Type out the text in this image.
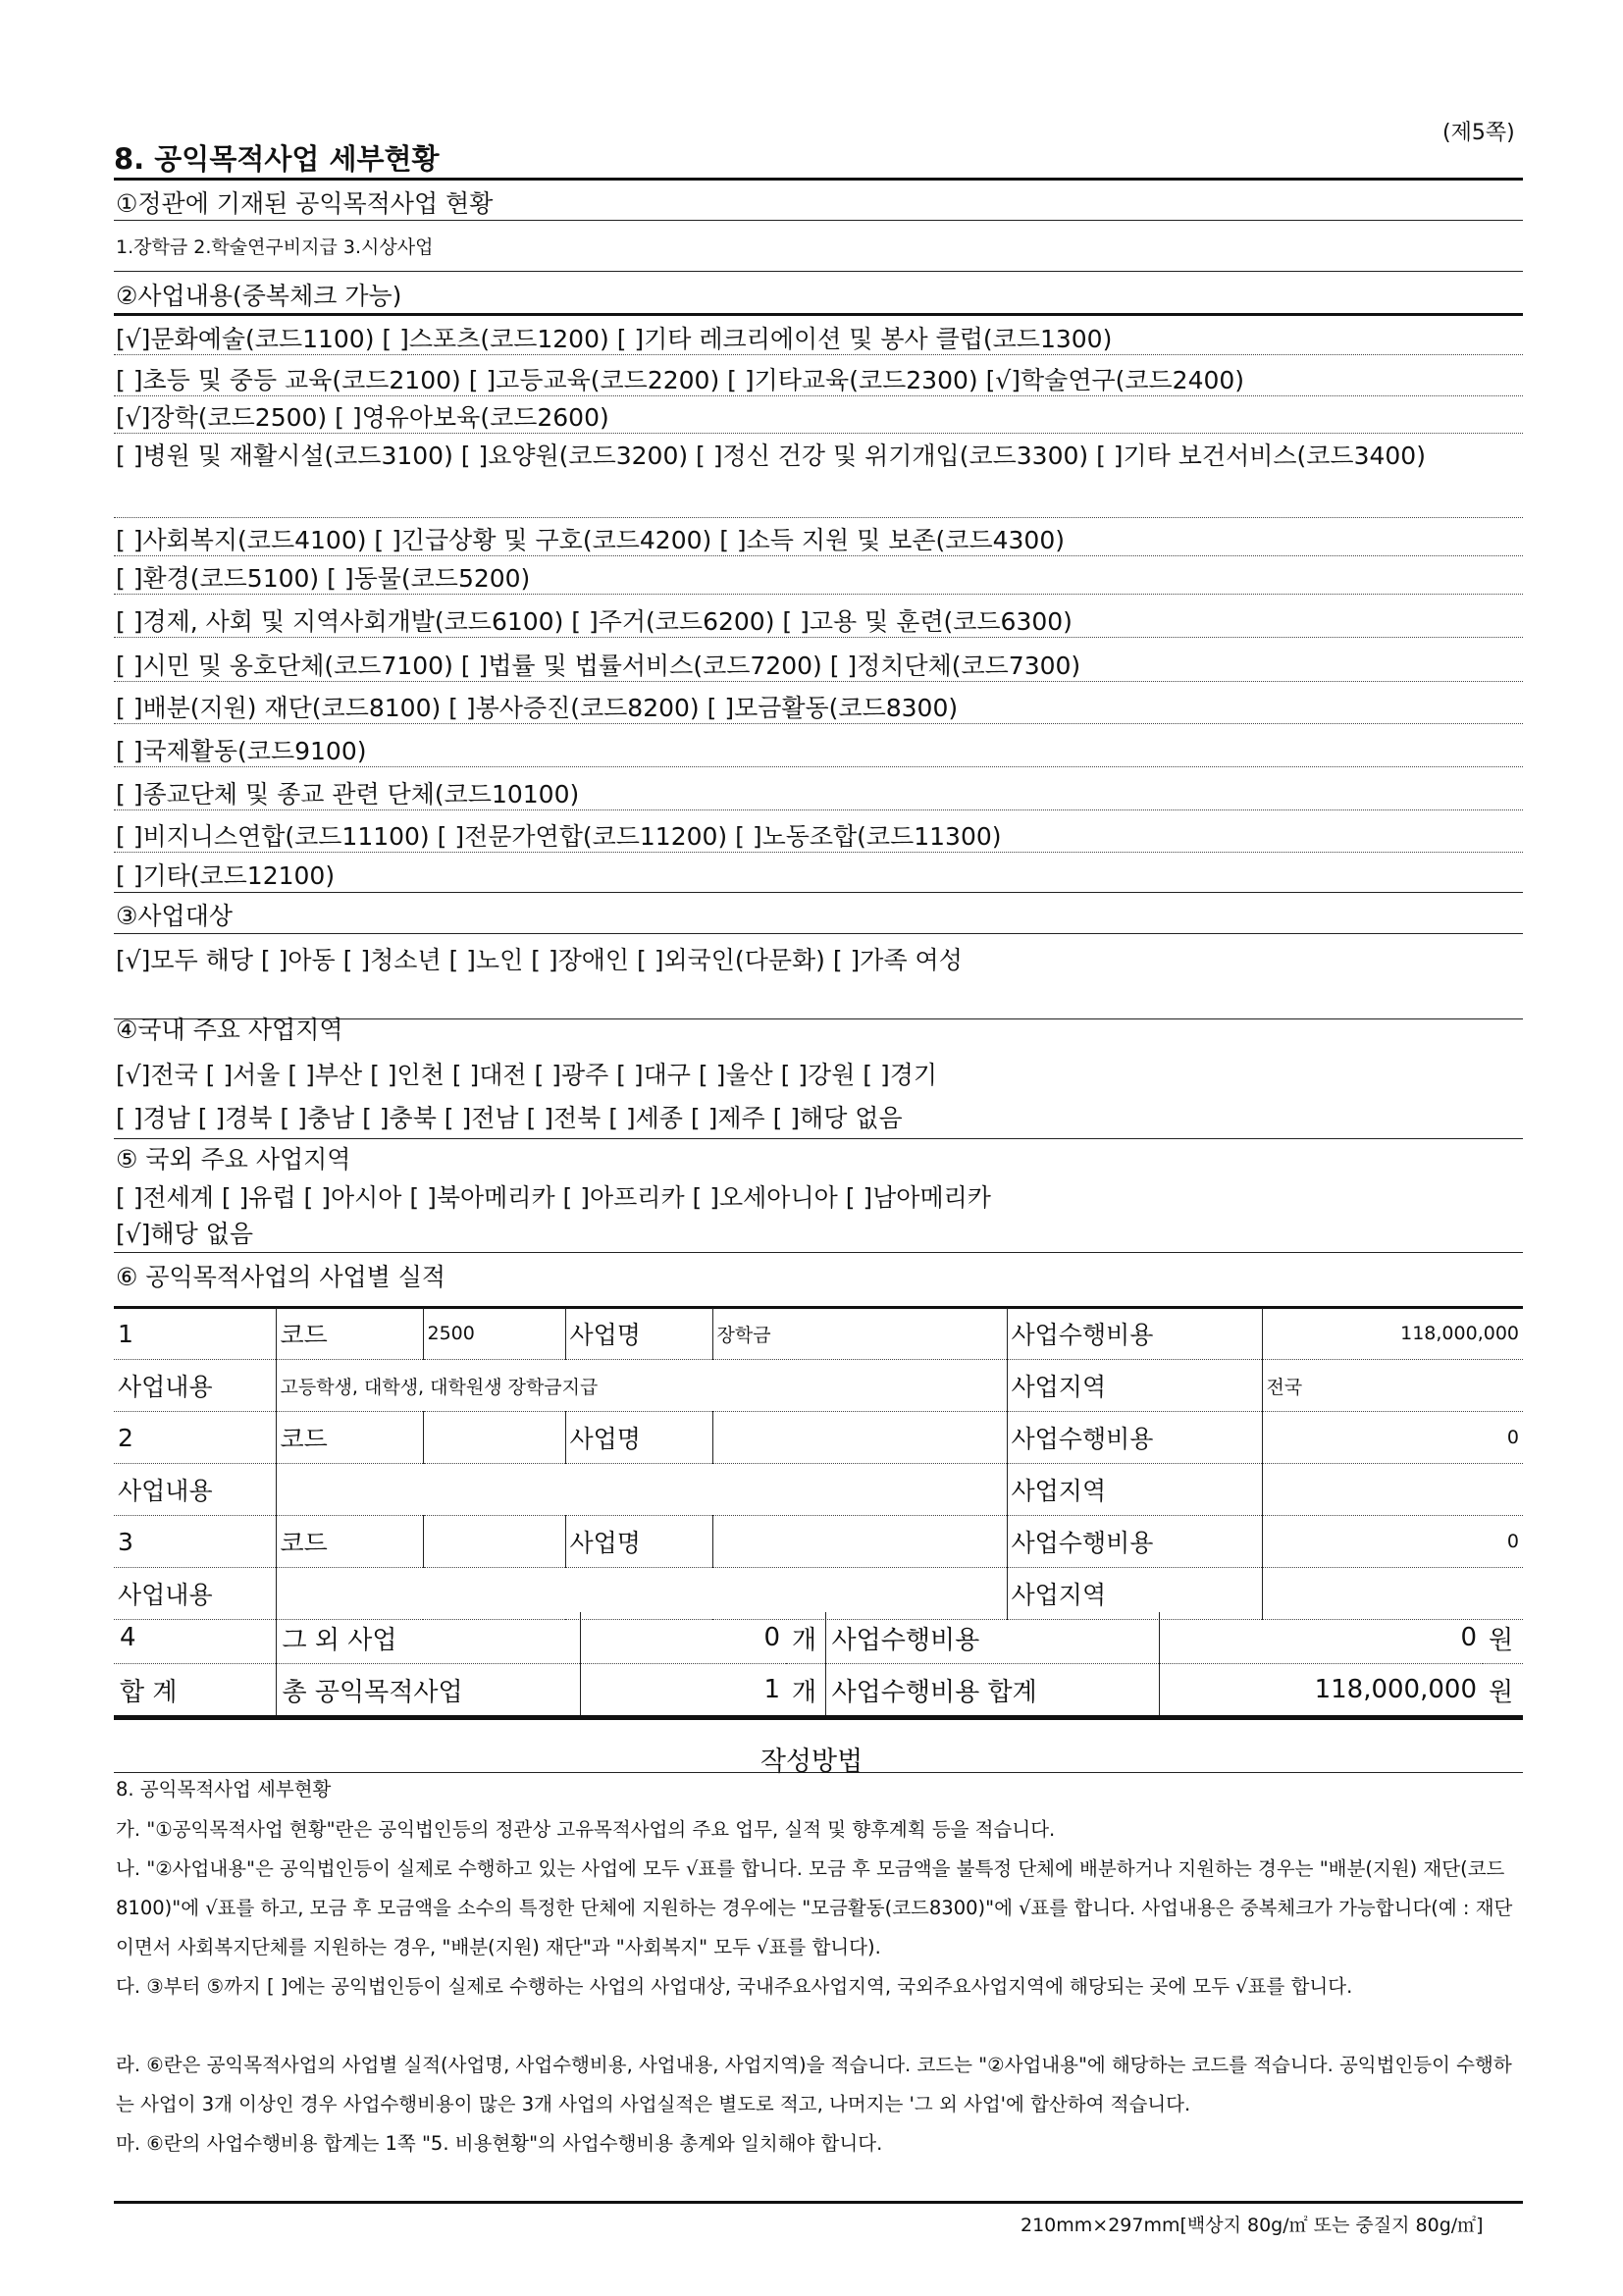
(제5쪽)
8. 공익목적사업 세부현황
①정관에 기재된 공익목적사업 현황
1.장학금 2.학술연구비지급 3.시상사업
②사업내용(중복체크 가능)
[√]문화예술(코드1100) [ ]스포츠(코드1200) [ ]기타 레크리에이션 및 봉사 클럽(코드1300)
[ ]초등 및 중등 교육(코드2100) [ ]고등교육(코드2200) [ ]기타교육(코드2300) [√]학술연구(코드2400)
[√]장학(코드2500) [ ]영유아보육(코드2600)
[ ]병원 및 재활시설(코드3100) [ ]요양원(코드3200) [ ]정신 건강 및 위기개입(코드3300) [ ]기타 보건서비스(코드3400)
[ ]사회복지(코드4100) [ ]긴급상황 및 구호(코드4200) [ ]소득 지원 및 보존(코드4300)
[ ]환경(코드5100) [ ]동물(코드5200)
[ ]경제, 사회 및 지역사회개발(코드6100) [ ]주거(코드6200) [ ]고용 및 훈련(코드6300)
[ ]시민 및 옹호단체(코드7100) [ ]법률 및 법률서비스(코드7200) [ ]정치단체(코드7300)
[ ]배분(지원) 재단(코드8100) [ ]봉사증진(코드8200) [ ]모금활동(코드8300)
[ ]국제활동(코드9100)
[ ]종교단체 및 종교 관련 단체(코드10100)
[ ]비지니스연합(코드11100) [ ]전문가연합(코드11200) [ ]노동조합(코드11300)
[ ]기타(코드12100)
③사업대상
[√]모두 해당 [ ]아동 [ ]청소년 [ ]노인 [ ]장애인 [ ]외국인(다문화) [ ]가족 여성
④국내 주요 사업지역
[√]전국 [ ]서울 [ ]부산 [ ]인천 [ ]대전 [ ]광주 [ ]대구 [ ]울산 [ ]강원 [ ]경기
[ ]경남 [ ]경북 [ ]충남 [ ]충북 [ ]전남 [ ]전북 [ ]세종 [ ]제주 [ ]해당 없음
⑤ 국외 주요 사업지역
[ ]전세계 [ ]유럽 [ ]아시아 [ ]북아메리카 [ ]아프리카 [ ]오세아니아 [ ]남아메리카
[√]해당 없음
⑥ 공익목적사업의 사업별 실적
1	코드	2500	사업명	장학금	사업수행비용	118,000,000
사업내용	고등학생, 대학생, 대학원생 장학금지급				사업지역	전국
2	코드		사업명		사업수행비용	0
사업내용					사업지역	
3	코드		사업명		사업수행비용	0
사업내용					사업지역	
4	그 외 사업	0	개	사업수행비용	0	원
합 계	총 공익목적사업	1	개	사업수행비용 합계	118,000,000	원
작성방법
8. 공익목적사업 세부현황
가. "①공익목적사업 현황"란은 공익법인등의 정관상 고유목적사업의 주요 업무, 실적 및 향후계획 등을 적습니다.
나. "②사업내용"은 공익법인등이 실제로 수행하고 있는 사업에 모두 √표를 합니다. 모금 후 모금액을 불특정 단체에 배분하거나 지원하는 경우는 "배분(지원) 재단(코드8100)"에 √표를 하고, 모금 후 모금액을 소수의 특정한 단체에 지원하는 경우에는 "모금활동(코드8300)"에 √표를 합니다. 사업내용은 중복체크가 가능합니다(예 : 재단이면서 사회복지단체를 지원하는 경우, "배분(지원) 재단"과 "사회복지" 모두 √표를 합니다).
다. ③부터 ⑤까지 [ ]에는 공익법인등이 실제로 수행하는 사업의 사업대상, 국내주요사업지역, 국외주요사업지역에 해당되는 곳에 모두 √표를 합니다.
라. ⑥란은 공익목적사업의 사업별 실적(사업명, 사업수행비용, 사업내용, 사업지역)을 적습니다. 코드는 "②사업내용"에 해당하는 코드를 적습니다. 공익법인등이 수행하는 사업이 3개 이상인 경우 사업수행비용이 많은 3개 사업의 사업실적은 별도로 적고, 나머지는 '그 외 사업'에 합산하여 적습니다.
마. ⑥란의 사업수행비용 합계는 1쪽 "5. 비용현황"의 사업수행비용 총계와 일치해야 합니다.
210mm×297mm[백상지 80g/㎡ 또는 중질지 80g/㎡]
